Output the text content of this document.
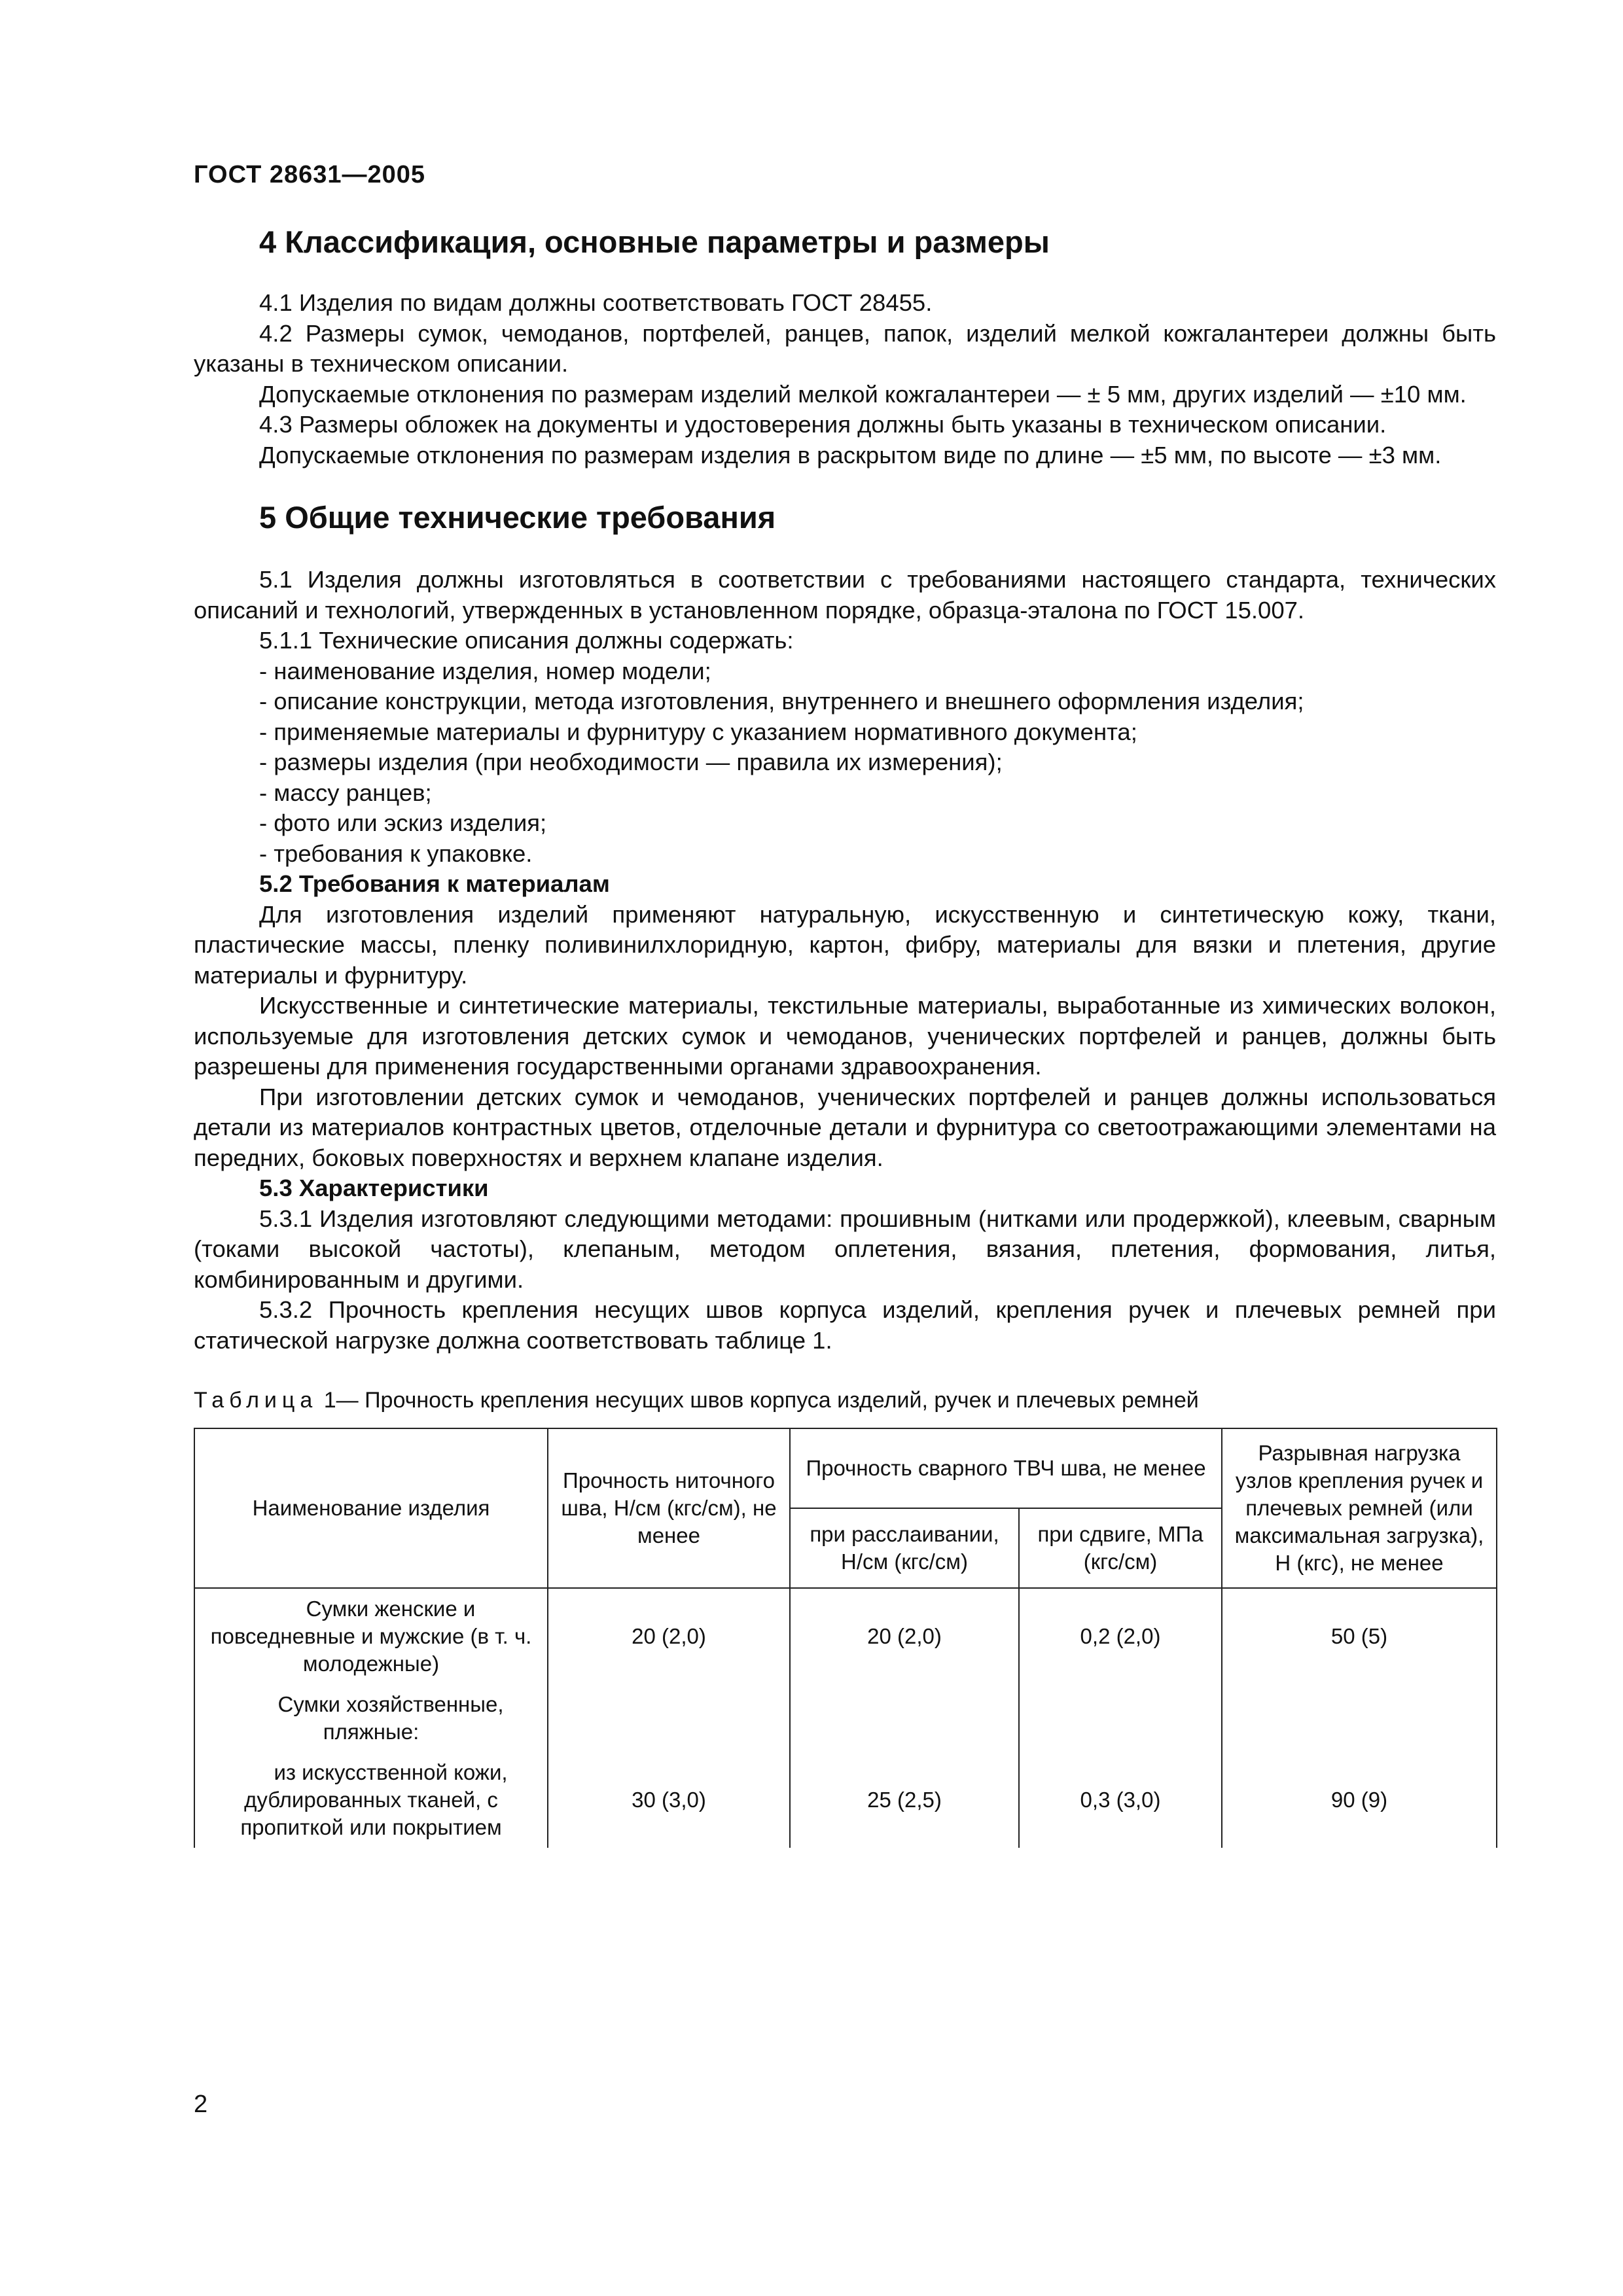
ГОСТ 28631—2005
4 Классификация, основные параметры и размеры

4.1 Изделия по видам должны соответствовать ГОСТ 28455.

4.2 Размеры сумок, чемоданов, портфелей, ранцев, папок, изделий мелкой кожгалантереи должны быть указаны в техническом описании.

Допускаемые отклонения по размерам изделий мелкой кожгалантереи — ± 5 мм, других изделий — ±10 мм.

4.3 Размеры обложек на документы и удостоверения должны быть указаны в техническом описании.

Допускаемые отклонения по размерам изделия в раскрытом виде по длине — ±5 мм, по высоте — ±3 мм.

5 Общие технические требования

5.1 Изделия должны изготовляться в соответствии с требованиями настоящего стандарта, технических описаний и технологий, утвержденных в установленном порядке, образца-эталона по ГОСТ 15.007.

5.1.1 Технические описания должны содержать:

- наименование изделия, номер модели;
- описание конструкции, метода изготовления, внутреннего и внешнего оформления изделия;
- применяемые материалы и фурнитуру с указанием нормативного документа;
- размеры изделия (при необходимости — правила их измерения);
- массу ранцев;
- фото или эскиз изделия;
- требования к упаковке.
5.2 Требования к материалам

Для изготовления изделий применяют натуральную, искусственную и синтетическую кожу, ткани, пластические массы, пленку поливинилхлоридную, картон, фибру, материалы для вязки и плетения, другие материалы и фурнитуру.

Искусственные и синтетические материалы, текстильные материалы, выработанные из химических волокон, используемые для изготовления детских сумок и чемоданов, ученических портфелей и ранцев, должны быть разрешены для применения государственными органами здравоохранения.

При изготовлении детских сумок и чемоданов, ученических портфелей и ранцев должны использоваться детали из материалов контрастных цветов, отделочные детали и фурнитура со светоотражающими элементами на передних, боковых поверхностях и верхнем клапане изделия.

5.3 Характеристики

5.3.1 Изделия изготовляют следующими методами: прошивным (нитками или продержкой), клеевым, сварным (токами высокой частоты), клепаным, методом оплетения, вязания, плетения, формования, литья, комбинированным и другими.

5.3.2 Прочность крепления несущих швов корпуса изделий, крепления ручек и плечевых ремней при статической нагрузке должна соответствовать таблице 1.

Таблица 1— Прочность крепления несущих швов корпуса изделий, ручек и плечевых ремней
Наименование изделия	Прочность ниточного шва, Н/см (кгс/см), не менее	Прочность сварного ТВЧ шва, не менее		Разрывная нагрузка узлов крепления ручек и плечевых ремней (или максимальная загрузка), Н (кгс), не менее
		при расслаивании, Н/см (кгс/см)	при сдвиге, МПа (кгс/см)	
Сумки женские и повседневные и мужские (в т. ч. молодежные)	20 (2,0)	20 (2,0)	0,2 (2,0)	50 (5)
Сумки хозяйственные, пляжные:				
из искусственной кожи, дублированных тканей, с пропиткой или покрытием	30 (3,0)	25 (2,5)	0,3 (3,0)	90 (9)
2
